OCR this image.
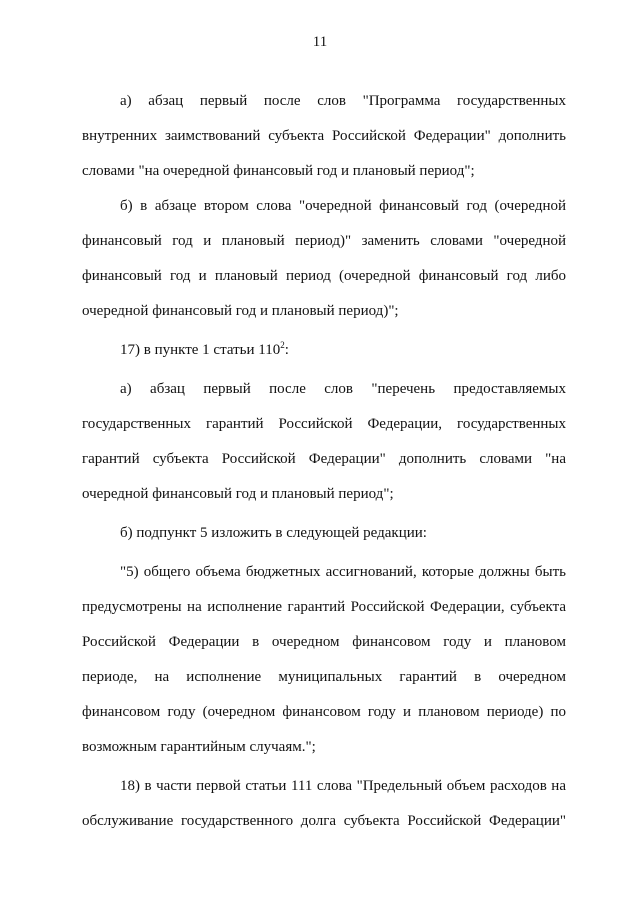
11
а) абзац первый после слов "Программа государственных
внутренних заимствований субъекта Российской Федерации" дополнить
словами "на очередной финансовый год и плановый период";
б) в абзаце втором слова "очередной финансовый год (очередной
финансовый год и плановый период)" заменить словами "очередной
финансовый год и плановый период (очередной финансовый год либо
очередной финансовый год и плановый период)";
17) в пункте 1 статьи $110^2$:
а) абзац первый после слов "перечень предоставляемых
государственных гарантий Российской Федерации, государственных
гарантий субъекта Российской Федерации" дополнить словами "на
очередной финансовый год и плановый период";
б) подпункт 5 изложить в следующей редакции:
"5) общего объема бюджетных ассигнований, которые должны быть
предусмотрены на исполнение гарантий Российской Федерации, субъекта
Российской Федерации в очередном финансовом году и плановом
периоде, на исполнение муниципальных гарантий в очередном
финансовом году (очередном финансовом году и плановом периоде) по
возможным гарантийным случаям.";
18) в части первой статьи 111 слова "Предельный объем расходов на
обслуживание государственного долга субъекта Российской Федерации"
